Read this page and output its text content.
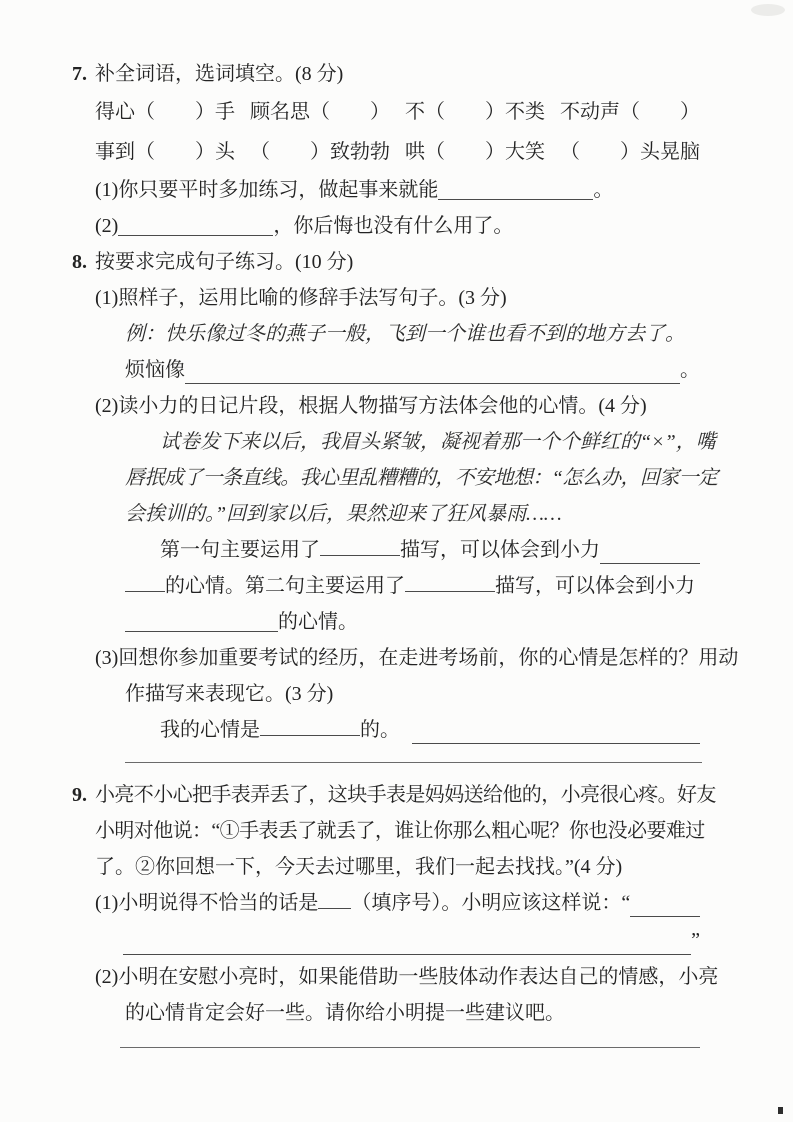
7. 补全词语，选词填空。(8 分)
得心（　　）手 顾名思（　　） 不（　　）不类 不动声（　　）
事到（　　）头 （　　）致勃勃 哄（　　）大笑 （　　）头晃脑
(1)你只要平时多加练习，做起事来就能	。
(2)	，你后悔也没有什么用了。
8. 按要求完成句子练习。(10 分)
(1)照样子，运用比喻的修辞手法写句子。(3 分)
例：快乐像过冬的燕子一般，飞到一个谁也看不到的地方去了。
烦恼像	。
(2)读小力的日记片段，根据人物描写方法体会他的心情。(4 分)
试卷发下来以后，我眉头紧皱，凝视着那一个个鲜红的“×”，嘴
唇抿成了一条直线。我心里乱糟糟的，不安地想：“怎么办，回家一定
会挨训的。”回到家以后，果然迎来了狂风暴雨……
第一句主要运用了	描写，可以体会到小力
的心情。第二句主要运用了	描写，可以体会到小力
的心情。
(3)回想你参加重要考试的经历，在走进考场前，你的心情是怎样的？用动
作描写来表现它。(3 分)
我的心情是	的。
9. 小亮不小心把手表弄丢了，这块手表是妈妈送给他的，小亮很心疼。好友
小明对他说：“①手表丢了就丢了，谁让你那么粗心呢？你也没必要难过
了。②你回想一下，今天去过哪里，我们一起去找找。”(4 分)
(1)小明说得不恰当的话是 （填序号）。小明应该这样说：“
”
(2)小明在安慰小亮时，如果能借助一些肢体动作表达自己的情感，小亮
的心情肯定会好一些。请你给小明提一些建议吧。
